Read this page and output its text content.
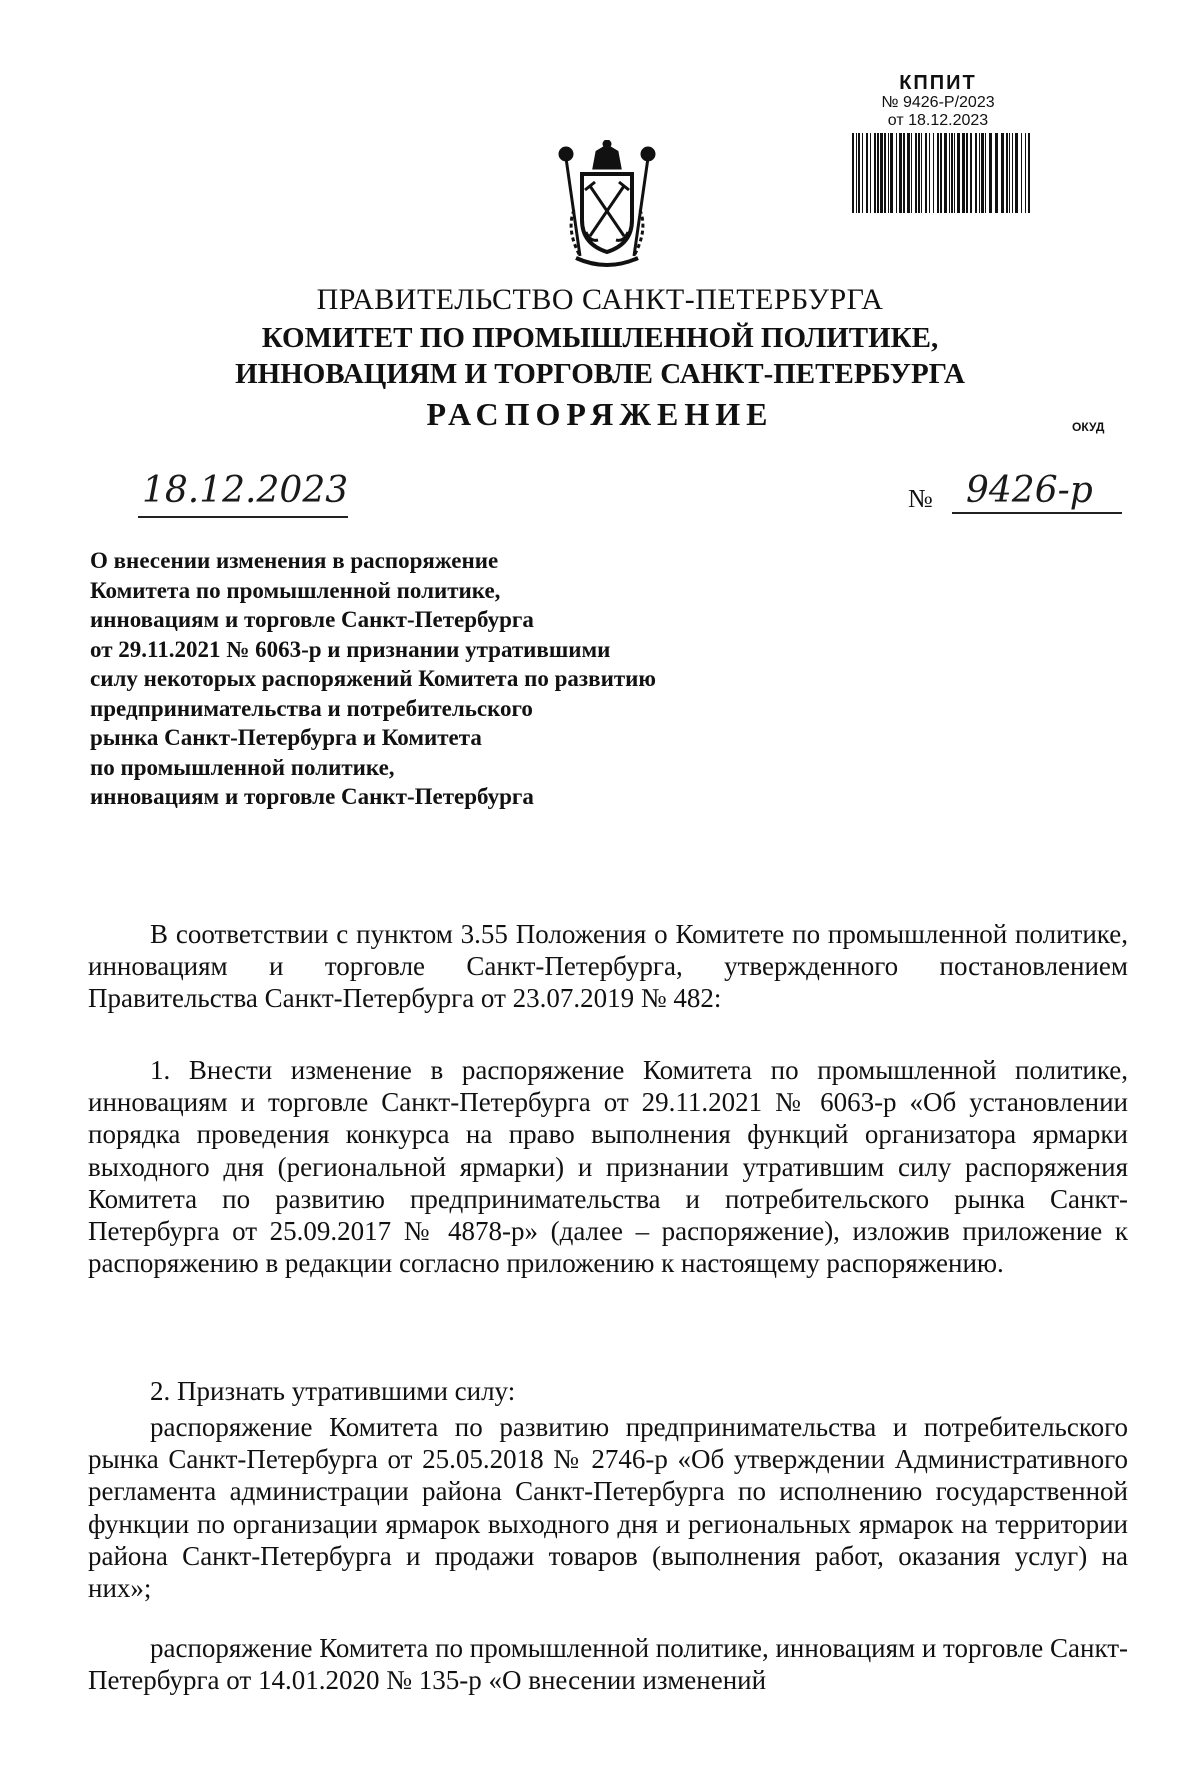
КППИТ
№ 9426-Р/2023
от 18.12.2023

ПРАВИТЕЛЬСТВО САНКТ-ПЕТЕРБУРГА

КОМИТЕТ ПО ПРОМЫШЛЕННОЙ ПОЛИТИКЕ,

ИННОВАЦИЯМ И ТОРГОВЛЕ САНКТ-ПЕТЕРБУРГА

РАСПОРЯЖЕНИЕ	ОКУД
18.12.2023	№ 9426-р
О внесении изменения в распоряжение
Комитета по промышленной политике,
инновациям и торговле Санкт-Петербурга
от 29.11.2021 № 6063-р и признании утратившими
силу некоторых распоряжений Комитета по развитию
предпринимательства и потребительского
рынка Санкт-Петербурга и Комитета
по промышленной политике,
инновациям и торговле Санкт-Петербурга

В соответствии с пунктом 3.55 Положения о Комитете по промышленной политике, инновациям и торговле Санкт-Петербурга, утвержденного постановлением Правительства Санкт-Петербурга от 23.07.2019 № 482:

1. Внести изменение в распоряжение Комитета по промышленной политике, инновациям и торговле Санкт-Петербурга от 29.11.2021 № 6063-р «Об установлении порядка проведения конкурса на право выполнения функций организатора ярмарки выходного дня (региональной ярмарки) и признании утратившим силу распоряжения Комитета по развитию предпринимательства и потребительского рынка Санкт-Петербурга от 25.09.2017 № 4878-р» (далее – распоряжение), изложив приложение к распоряжению в редакции согласно приложению к настоящему распоряжению.

2. Признать утратившими силу:

распоряжение Комитета по развитию предпринимательства и потребительского рынка Санкт-Петербурга от 25.05.2018 № 2746-р «Об утверждении Административного регламента администрации района Санкт-Петербурга по исполнению государственной функции по организации ярмарок выходного дня и региональных ярмарок на территории района Санкт-Петербурга и продажи товаров (выполнения работ, оказания услуг) на них»;

распоряжение Комитета по промышленной политике, инновациям и торговле Санкт-Петербурга от 14.01.2020 № 135-р «О внесении изменений
